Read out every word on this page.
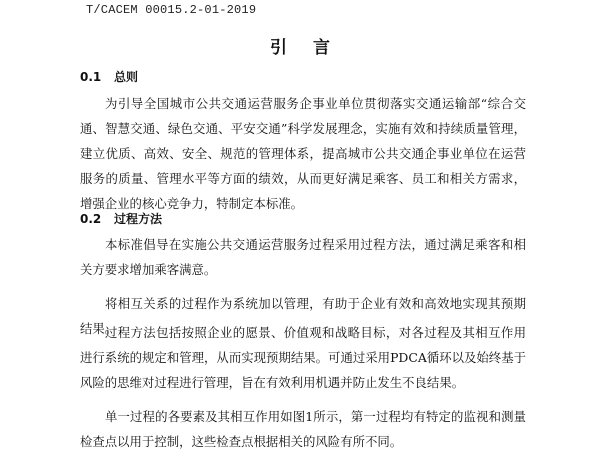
T/CACEM 00015.2-01-2019
引言
0.1 总则

为引导全国城市公共交通运营服务企事业单位贯彻落实交通运输部“综合交通、智慧交通、绿色交通、平安交通”科学发展理念，实施有效和持续质量管理，建立优质、高效、安全、规范的管理体系，提高城市公共交通企事业单位在运营服务的质量、管理水平等方面的绩效，从而更好满足乘客、员工和相关方需求，增强企业的核心竞争力，特制定本标准。

0.2 过程方法

本标准倡导在实施公共交通运营服务过程采用过程方法，通过满足乘客和相关方要求增加乘客满意。

将相互关系的过程作为系统加以管理，有助于企业有效和高效地实现其预期结果。

过程方法包括按照企业的愿景、价值观和战略目标，对各过程及其相互作用进行系统的规定和管理，从而实现预期结果。可通过采用PDCA循环以及始终基于风险的思维对过程进行管理，旨在有效利用机遇并防止发生不良结果。

单一过程的各要素及其相互作用如图1所示，第一过程均有特定的监视和测量检查点以用于控制，这些检查点根据相关的风险有所不同。
